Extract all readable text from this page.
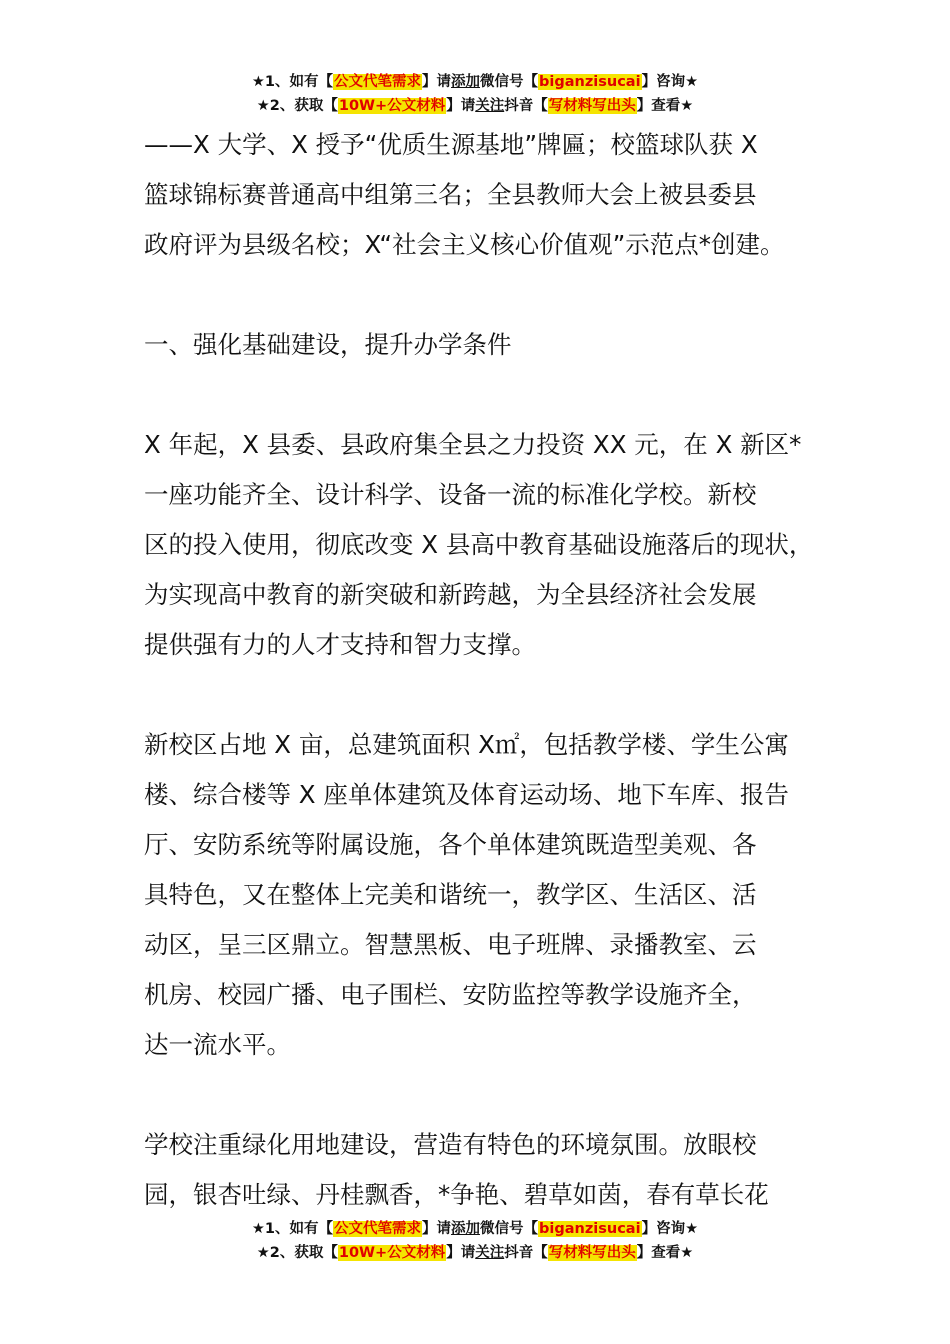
★1、如有【公文代笔需求】请添加微信号【biganzisucai】咨询★
★2、获取【10W+公文材料】请关注抖音【写材料写出头】查看★

——X 大学、X 授予“优质生源基地”牌匾；校篮球队获 X
篮球锦标赛普通高中组第三名；全县教师大会上被县委县
政府评为县级名校；X“社会主义核心价值观”示范点*创建。

一、强化基础建设，提升办学条件

X 年起，X 县委、县政府集全县之力投资 XX 元，在 X 新区*
一座功能齐全、设计科学、设备一流的标准化学校。新校
区的投入使用，彻底改变 X 县高中教育基础设施落后的现状，
为实现高中教育的新突破和新跨越，为全县经济社会发展
提供强有力的人才支持和智力支撑。

新校区占地 X 亩，总建筑面积 X㎡，包括教学楼、学生公寓
楼、综合楼等 X 座单体建筑及体育运动场、地下车库、报告
厅、安防系统等附属设施，各个单体建筑既造型美观、各
具特色，又在整体上完美和谐统一，教学区、生活区、活
动区，呈三区鼎立。智慧黑板、电子班牌、录播教室、云
机房、校园广播、电子围栏、安防监控等教学设施齐全，
达一流水平。

学校注重绿化用地建设，营造有特色的环境氛围。放眼校
园，银杏吐绿、丹桂飘香，*争艳、碧草如茵，春有草长花

★1、如有【公文代笔需求】请添加微信号【biganzisucai】咨询★
★2、获取【10W+公文材料】请关注抖音【写材料写出头】查看★
